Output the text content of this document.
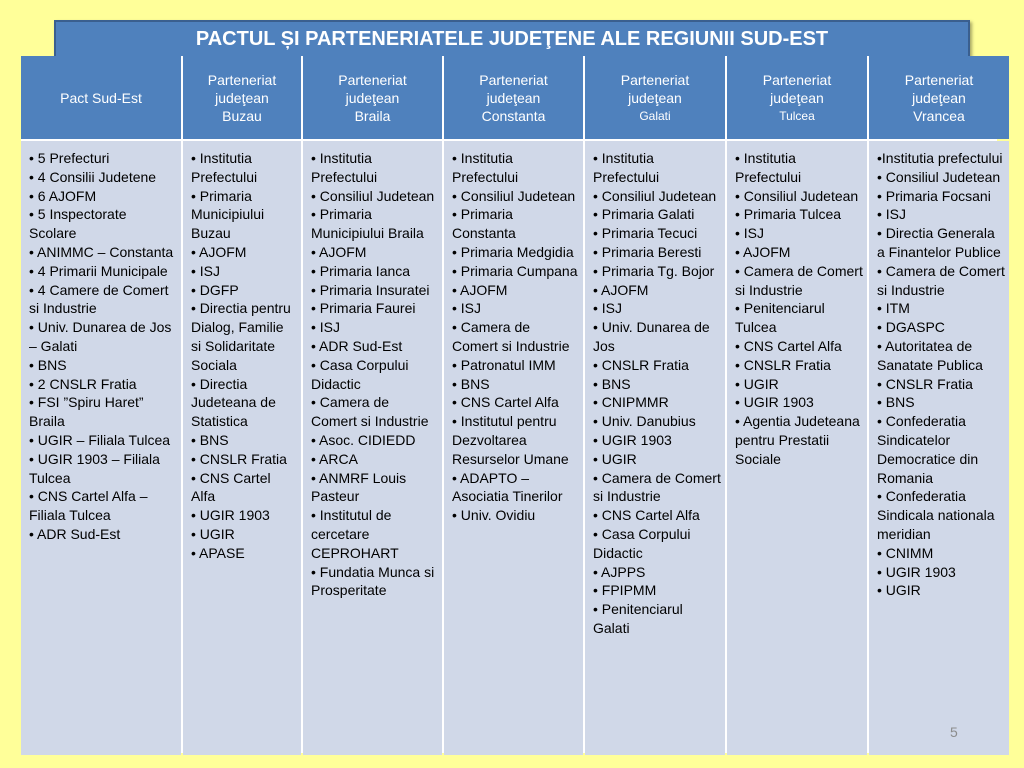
PACTUL ȘI PARTENERIATELE JUDEŢENE ALE REGIUNII SUD-EST
Pact Sud-Est
Parteneriat
judeţean
Buzau
Parteneriat
judeţean
Braila
Parteneriat
judeţean
Constanta
Parteneriat
judeţean
Galati
Parteneriat
judeţean
Tulcea
Parteneriat
judeţean
Vrancea
• 5 Prefecturi
• 4 Consilii Judetene
• 6 AJOFM
• 5 Inspectorate Scolare
• ANIMMC – Constanta
• 4 Primarii Municipale
• 4 Camere de Comert si Industrie
• Univ. Dunarea de Jos – Galati
• BNS
• 2 CNSLR Fratia
• FSI ”Spiru Haret” Braila
• UGIR – Filiala Tulcea
• UGIR 1903 – Filiala Tulcea
• CNS Cartel Alfa – Filiala Tulcea
• ADR Sud-Est
• Institutia Prefectului
• Primaria Municipiului Buzau
• AJOFM
• ISJ
• DGFP
• Directia pentru Dialog, Familie si Solidaritate Sociala
• Directia Judeteana de Statistica
• BNS
• CNSLR Fratia
• CNS Cartel Alfa
• UGIR 1903
• UGIR
• APASE
• Institutia Prefectului
• Consiliul Judetean
• Primaria Municipiului Braila
• AJOFM
• Primaria Ianca
• Primaria Insuratei
• Primaria Faurei
• ISJ
• ADR Sud-Est
• Casa Corpului Didactic
• Camera de Comert si Industrie
• Asoc. CIDIEDD
• ARCA
• ANMRF Louis Pasteur
• Institutul de cercetare CEPROHART
• Fundatia Munca si Prosperitate
• Institutia Prefectului
• Consiliul Judetean
• Primaria Constanta
• Primaria Medgidia
• Primaria Cumpana
• AJOFM
• ISJ
• Camera de Comert si Industrie
• Patronatul IMM
• BNS
• CNS Cartel Alfa
• Institutul pentru Dezvoltarea Resurselor Umane
• ADAPTO – Asociatia Tinerilor
• Univ. Ovidiu
• Institutia Prefectului
• Consiliul Judetean
• Primaria Galati
• Primaria Tecuci
• Primaria Beresti
• Primaria Tg. Bojor
• AJOFM
• ISJ
• Univ. Dunarea de Jos
• CNSLR Fratia
• BNS
• CNIPMMR
• Univ. Danubius
• UGIR 1903
• UGIR
• Camera de Comert si Industrie
• CNS Cartel Alfa
• Casa Corpului Didactic
• AJPPS
• FPIPMM
• Penitenciarul Galati
• Institutia Prefectului
• Consiliul Judetean
• Primaria Tulcea
• ISJ
• AJOFM
• Camera de Comert si Industrie
• Penitenciarul Tulcea
• CNS Cartel Alfa
• CNSLR Fratia
• UGIR
• UGIR 1903
• Agentia Judeteana pentru Prestatii Sociale
•Institutia prefectului
• Consiliul Judetean
• Primaria Focsani
• ISJ
• Directia Generala a Finantelor Publice
• Camera de Comert si Industrie
• ITM
• DGASPC
• Autoritatea de Sanatate Publica
• CNSLR Fratia
• BNS
• Confederatia Sindicatelor Democratice din Romania
• Confederatia Sindicala nationala meridian
• CNIMM
• UGIR 1903
• UGIR
5
